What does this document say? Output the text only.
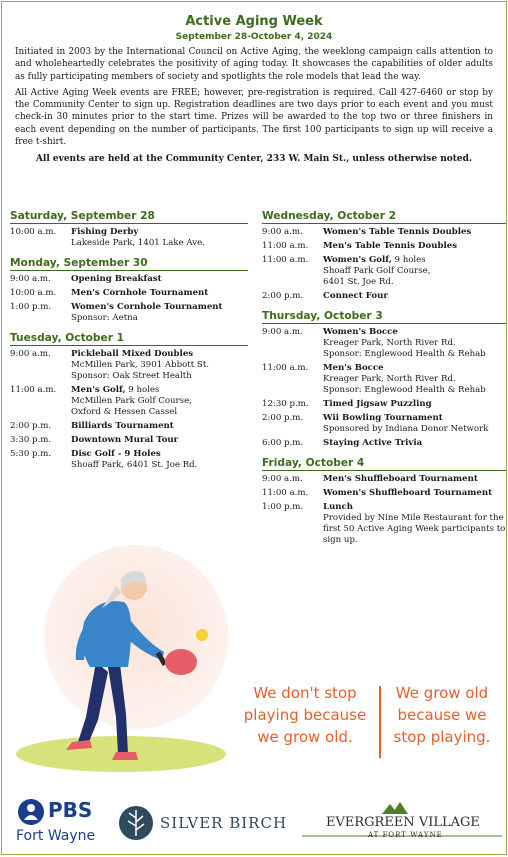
Active Aging Week
September 28-October 4, 2024

Initiated in 2003 by the International Council on Active Aging, the weeklong campaign calls attention to and wholeheartedly celebrates the positivity of aging today. It showcases the capabilities of older adults as fully participating members of society and spotlights the role models that lead the way.

All Active Aging Week events are FREE; however, pre-registration is required. Call 427-6460 or stop by the Community Center to sign up. Registration deadlines are two days prior to each event and you must check-in 30 minutes prior to the start time. Prizes will be awarded to the top two or three finishers in each event depending on the number of participants. The first 100 participants to sign up will receive a free t-shirt.

All events are held at the Community Center, 233 W. Main St., unless otherwise noted.
Saturday, September 28
10:00 a.m.	Fishing Derby
Lakeside Park, 1401 Lake Ave.
Monday, September 30
9:00 a.m.	Opening Breakfast
10:00 a.m.	Men's Cornhole Tournament
1:00 p.m.	Women's Cornhole Tournament
Sponsor: Aetna
Tuesday, October 1
9:00 a.m.	Pickleball Mixed Doubles
McMillen Park, 3901 Abbott St.
Sponsor: Oak Street Health
11:00 a.m.	Men's Golf, 9 holes
McMillen Park Golf Course,
Oxford & Hessen Cassel
2:00 p.m.	Billiards Tournament
3:30 p.m.	Downtown Mural Tour
5:30 p.m.	Disc Golf - 9 Holes
Shoaff Park, 6401 St. Joe Rd.
Wednesday, October 2
9:00 a.m.	Women's Table Tennis Doubles
11:00 a.m.	Men's Table Tennis Doubles
11:00 a.m.	Women's Golf, 9 holes
Shoaff Park Golf Course,
6401 St. Joe Rd.
2:00 p.m.	Connect Four
Thursday, October 3
9:00 a.m.	Women's Bocce
Kreager Park, North River Rd.
Sponsor: Englewood Health & Rehab
11:00 a.m.	Men's Bocce
Kreager Park, North River Rd.
Sponsor: Englewood Health & Rehab
12:30 p.m.	Timed Jigsaw Puzzling
2:00 p.m.	Wii Bowling Tournament
Sponsored by Indiana Donor Network
6:00 p.m.	Staying Active Trivia
Friday, October 4
9:00 a.m.	Men's Shuffleboard Tournament
11:00 a.m.	Women's Shuffleboard Tournament
1:00 p.m.	Lunch
Provided by Nine Mile Restaurant for the first 50 Active Aging Week participants to sign up.
We don't stop playing because we grow old.
We grow old because we stop playing.
PBS
Fort Wayne
SILVER BIRCH	EVERGREEN VILLAGE
AT FORT WAYNE
